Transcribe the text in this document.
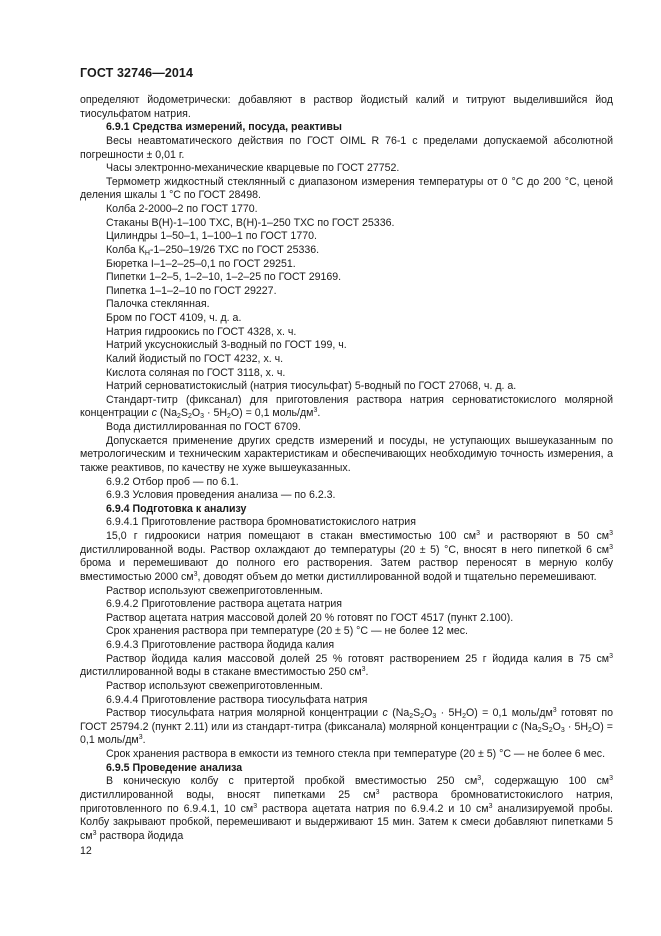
ГОСТ 32746—2014

определяют йодометрически: добавляют в раствор йодистый калий и титруют выделившийся йод тиосульфатом натрия.

6.9.1 Средства измерений, посуда, реактивы

Весы неавтоматического действия по ГОСТ OIML R 76-1 с пределами допускаемой абсолютной погрешности ± 0,01 г.

Часы электронно-механические кварцевые по ГОСТ 27752.

Термометр жидкостный стеклянный с диапазоном измерения температуры от 0 °С до 200 °С, ценой деления шкалы 1 °С по ГОСТ 28498.

Колба 2-2000–2 по ГОСТ 1770.

Стаканы В(Н)-1–100 ТХС, В(Н)-1–250 ТХС по ГОСТ 25336.

Цилиндры 1–50–1, 1–100–1 по ГОСТ 1770.

Колба $К_Н-1-250-19/26$ ТХС по ГОСТ 25336.

Бюретка I–1–2–25–0,1 по ГОСТ 29251.

Пипетки 1–2–5, 1–2–10, 1–2–25 по ГОСТ 29169.

Пипетка 1–1–2–10 по ГОСТ 29227.

Палочка стеклянная.

Бром по ГОСТ 4109, ч. д. а.

Натрия гидроокись по ГОСТ 4328, х. ч.

Натрий уксуснокислый 3-водный по ГОСТ 199, ч.

Калий йодистый по ГОСТ 4232, х. ч.

Кислота соляная по ГОСТ 3118, х. ч.

Натрий серноватистокислый (натрия тиосульфат) 5-водный по ГОСТ 27068, ч. д. а.

Стандарт-титр (фиксанал) для приготовления раствора натрия серноватистокислого молярной концентрации c $(Na_2S_2O_3 \cdot 5H_2O) = 0,1$ моль/$дм^3$.

Вода дистиллированная по ГОСТ 6709.

Допускается применение других средств измерений и посуды, не уступающих вышеуказанным по метрологическим и техническим характеристикам и обеспечивающих необходимую точность измерения, а также реактивов, по качеству не хуже вышеуказанных.

6.9.2 Отбор проб — по 6.1.

6.9.3 Условия проведения анализа — по 6.2.3.

6.9.4 Подготовка к анализу

6.9.4.1 Приготовление раствора бромноватистокислого натрия

15,0 г гидроокиси натрия помещают в стакан вместимостью 100 $см^3$ и растворяют в 50 $см^3$ дистиллированной воды. Раствор охлаждают до температуры (20 ± 5) °С, вносят в него пипеткой 6 $см^3$ брома и перемешивают до полного его растворения. Затем раствор переносят в мерную колбу вместимостью 2000 $см^3$, доводят объем до метки дистиллированной водой и тщательно перемешивают.

Раствор используют свежеприготовленным.

6.9.4.2 Приготовление раствора ацетата натрия

Раствор ацетата натрия массовой долей 20 % готовят по ГОСТ 4517 (пункт 2.100).

Срок хранения раствора при температуре (20 ± 5) °С — не более 12 мес.

6.9.4.3 Приготовление раствора йодида калия

Раствор йодида калия массовой долей 25 % готовят растворением 25 г йодида калия в 75 $см^3$ дистиллированной воды в стакане вместимостью 250 $см^3$.

Раствор используют свежеприготовленным.

6.9.4.4 Приготовление раствора тиосульфата натрия

Раствор тиосульфата натрия молярной концентрации c $(Na_2S_2O_3 \cdot 5H_2O) = 0,1$ моль/$дм^3$ готовят по ГОСТ 25794.2 (пункт 2.11) или из стандарт-титра (фиксанала) молярной концентрации c $(Na_2S_2O_3 \cdot 5H_2O) = 0,1$ моль/$дм^3$.

Срок хранения раствора в емкости из темного стекла при температуре (20 ± 5) °С — не более 6 мес.

6.9.5 Проведение анализа

В коническую колбу с притертой пробкой вместимостью 250 $см^3$, содержащую 100 $см^3$ дистиллированной воды, вносят пипетками 25 $см^3$ раствора бромноватистокислого натрия, приготовленного по 6.9.4.1, 10 $см^3$ раствора ацетата натрия по 6.9.4.2 и 10 $см^3$ анализируемой пробы. Колбу закрывают пробкой, перемешивают и выдерживают 15 мин. Затем к смеси добавляют пипетками 5 $см^3$ раствора йодида

12
